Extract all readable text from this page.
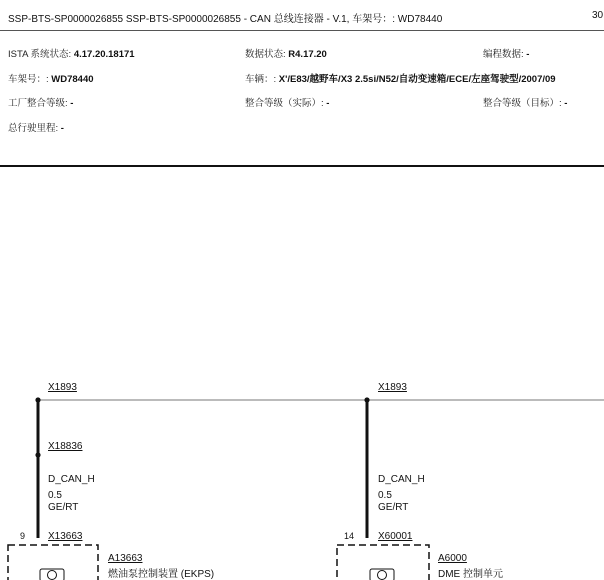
SSP-BTS-SP0000026855 SSP-BTS-SP0000026855 - CAN 总线连接器 - V.1, 车架号：: WD78440	30
ISTA 系统状态: 4.17.20.18171	数据状态: R4.17.20	编程数据: -
车架号：: WD78440	车辆：: X'/E83/越野车/X3 2.5si/N52/自动变速箱/ECE/左座驾驶型/2007/09
工厂整合等级: -	整合等级（实际）: -	整合等级（目标）: -
总行驶里程: -
X1893
X18836
D_CAN_H
0.5
GE/RT
9 X13663
A13663
燃油泵控制装置 (EKPS)
X1893
D_CAN_H
0.5
GE/RT
14 X60001
A6000
DME 控制单元
